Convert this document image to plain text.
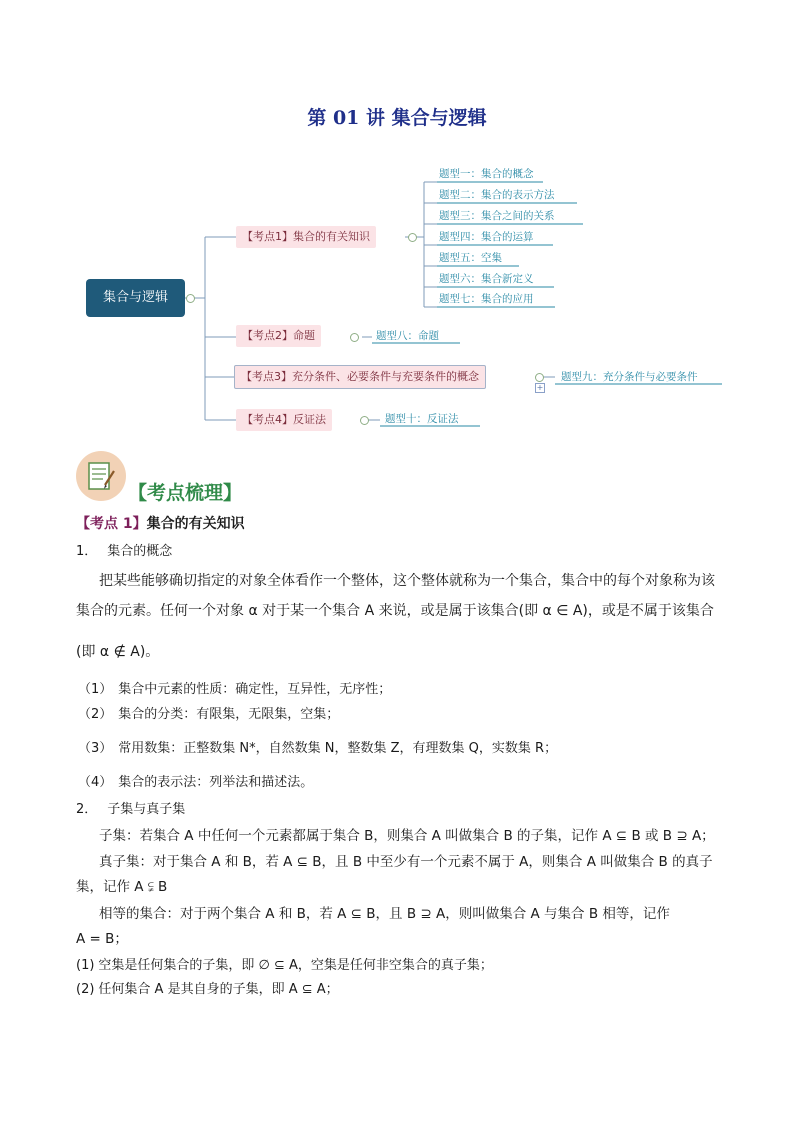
第 01 讲 集合与逻辑
集合与逻辑
【考点1】集合的有关知识
【考点2】命题
【考点3】充分条件、必要条件与充要条件的概念
+
【考点4】反证法
题型一：集合的概念
题型二：集合的表示方法
题型三：集合之间的关系
题型四：集合的运算
题型五：空集
题型六：集合新定义
题型七：集合的应用
题型八：命题
题型九：充分条件与必要条件
题型十：反证法
【考点梳理】
【考点 1】集合的有关知识
1． 集合的概念
把某些能够确切指定的对象全体看作一个整体，这个整体就称为一个集合，集合中的每个对象称为该
集合的元素。任何一个对象 α 对于某一个集合 A 来说，或是属于该集合(即 α ∈ A)，或是不属于该集合
(即 α ∉ A)。
（1） 集合中元素的性质：确定性，互异性，无序性；
（2） 集合的分类：有限集，无限集，空集；
（3） 常用数集：正整数集 N*，自然数集 N，整数集 Z，有理数集 Q，实数集 R；
（4） 集合的表示法：列举法和描述法。
2． 子集与真子集
子集：若集合 A 中任何一个元素都属于集合 B，则集合 A 叫做集合 B 的子集，记作 A ⊆ B 或 B ⊇ A；
真子集：对于集合 A 和 B，若 A ⊆ B，且 B 中至少有一个元素不属于 A，则集合 A 叫做集合 B 的真子
集，记作 A ⫋ B
相等的集合：对于两个集合 A 和 B，若 A ⊆ B，且 B ⊇ A，则叫做集合 A 与集合 B 相等，记作
A = B；
(1) 空集是任何集合的子集，即 ∅ ⊆ A，空集是任何非空集合的真子集；
(2) 任何集合 A 是其自身的子集，即 A ⊆ A；
